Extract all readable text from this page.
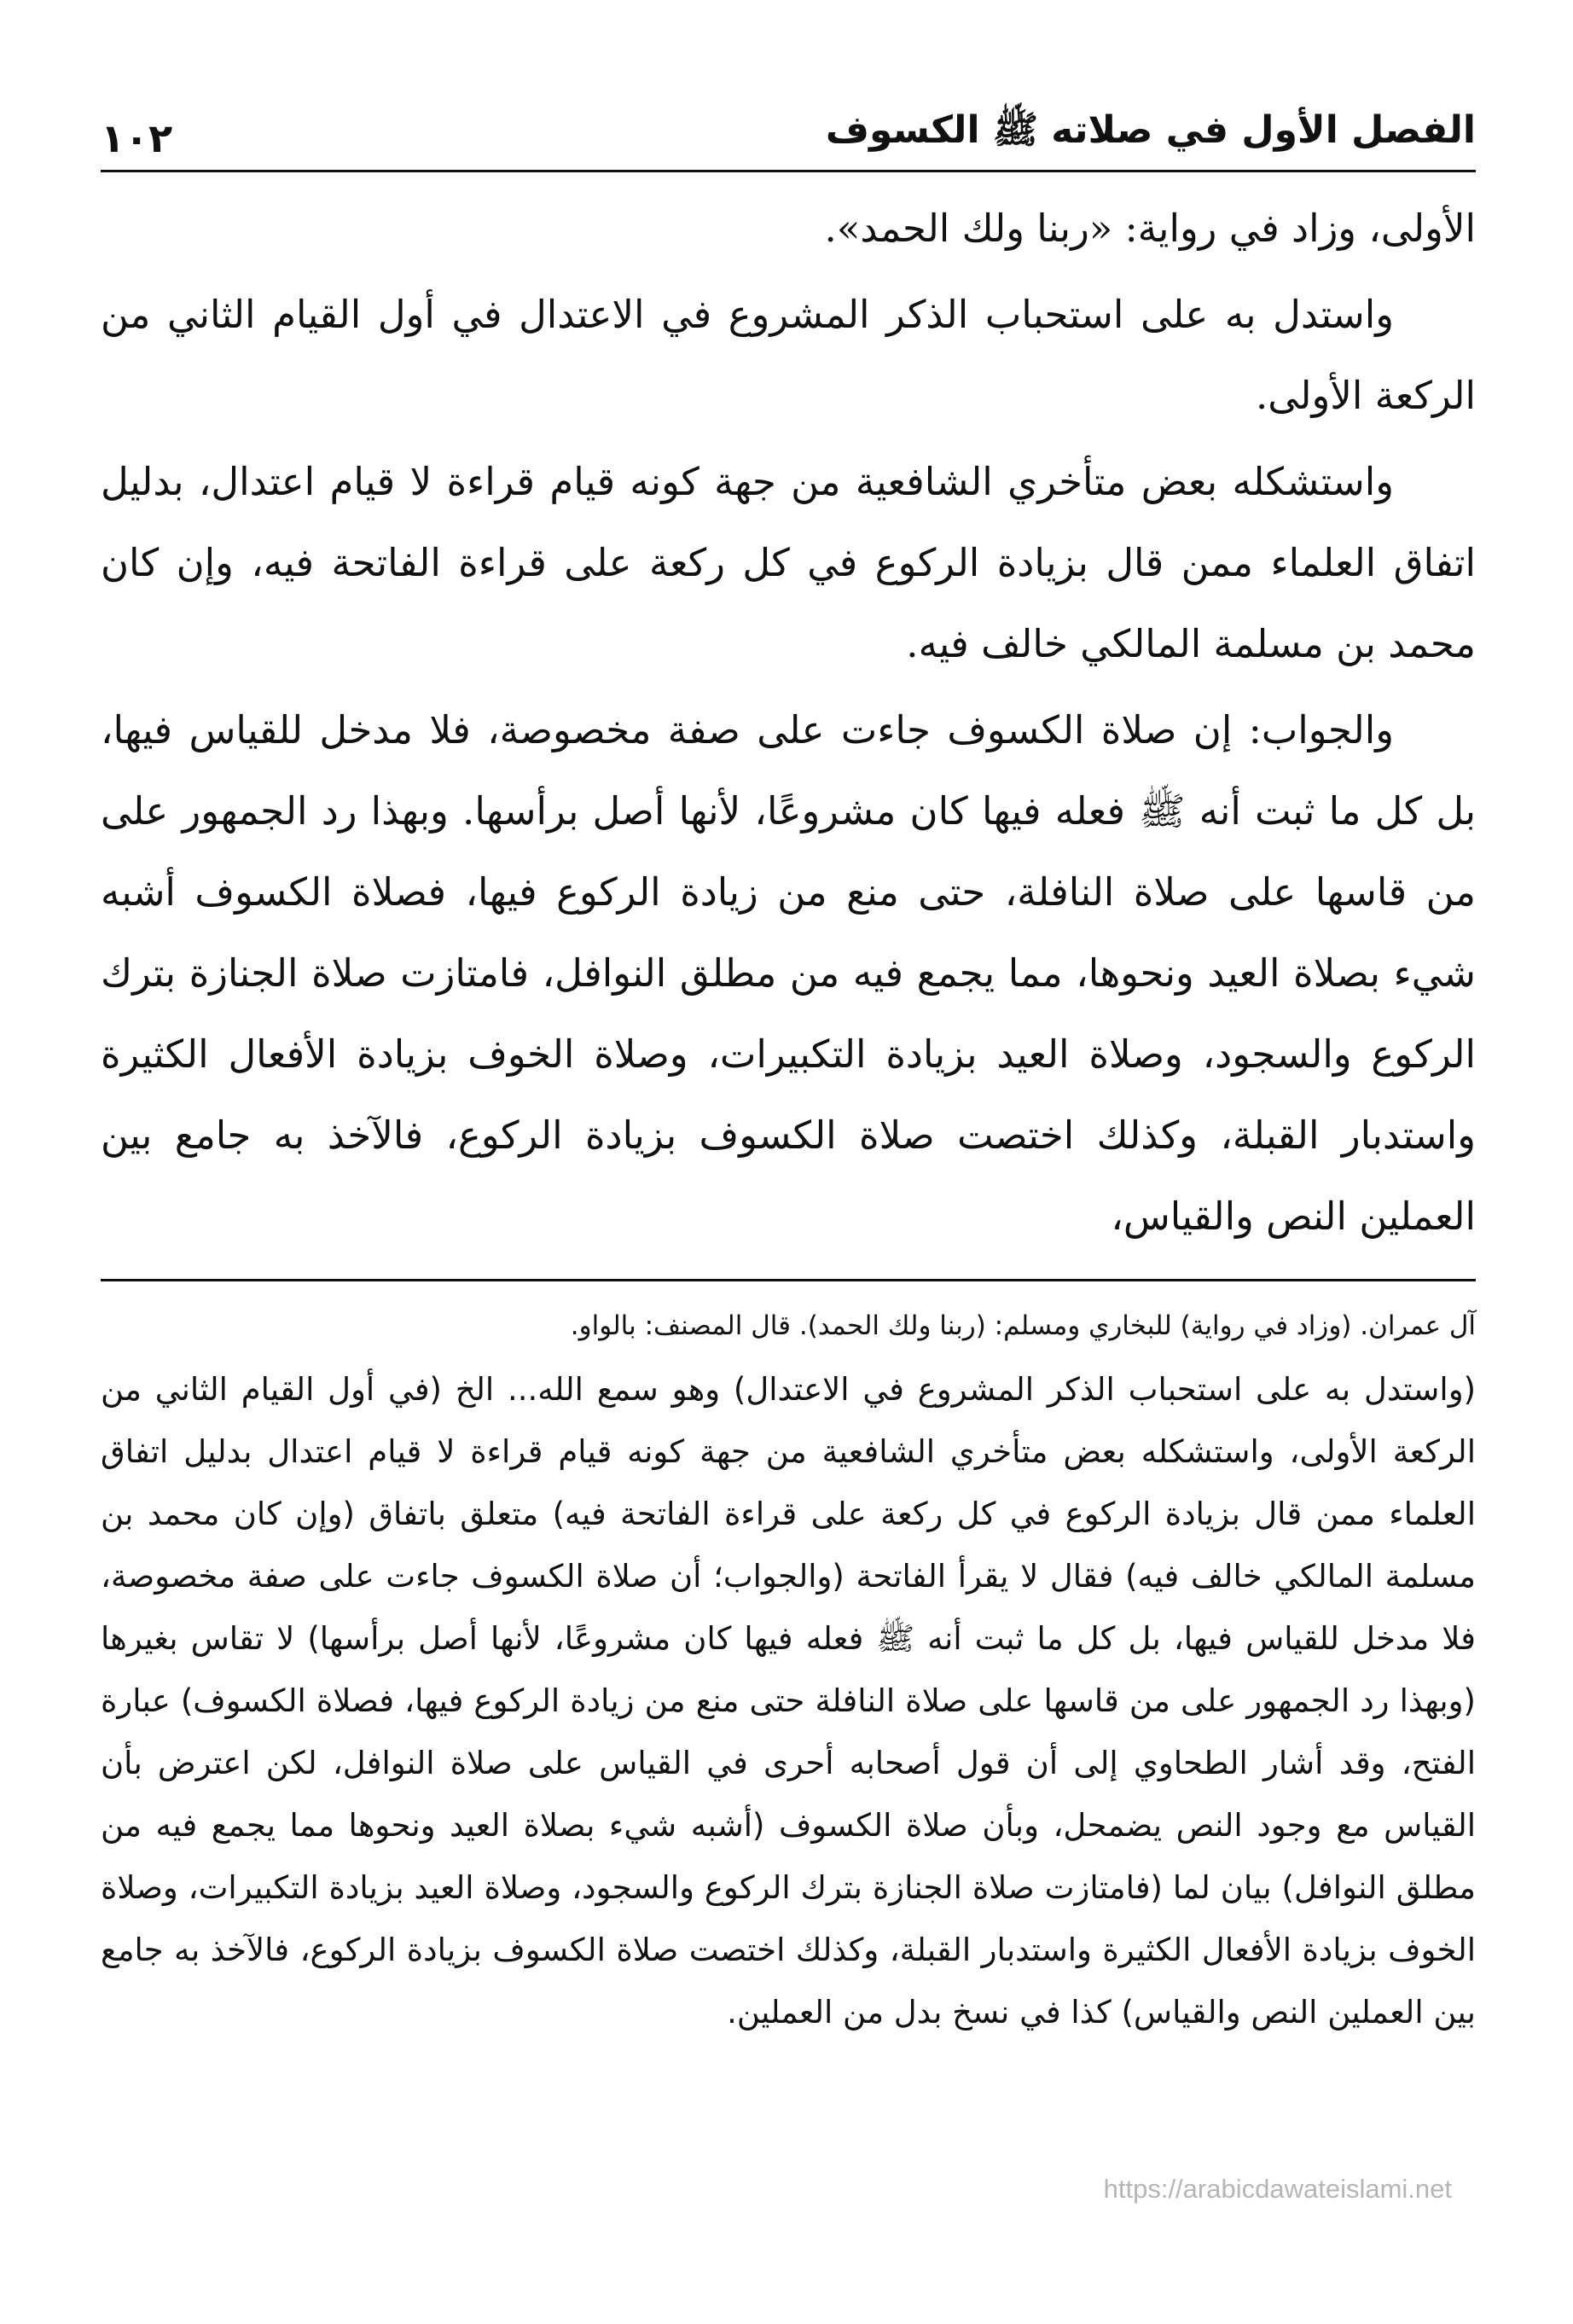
الفصل الأول في صلاته ﷺ الكسوف
١٠٢

الأولى، وزاد في رواية: «ربنا ولك الحمد».

واستدل به على استحباب الذكر المشروع في الاعتدال في أول القيام الثاني من الركعة الأولى.

واستشكله بعض متأخري الشافعية من جهة كونه قيام قراءة لا قيام اعتدال، بدليل اتفاق العلماء ممن قال بزيادة الركوع في كل ركعة على قراءة الفاتحة فيه، وإن كان محمد بن مسلمة المالكي خالف فيه.

والجواب: إن صلاة الكسوف جاءت على صفة مخصوصة، فلا مدخل للقياس فيها، بل كل ما ثبت أنه ﷺ فعله فيها كان مشروعًا، لأنها أصل برأسها. وبهذا رد الجمهور على من قاسها على صلاة النافلة، حتى منع من زيادة الركوع فيها، فصلاة الكسوف أشبه شيء بصلاة العيد ونحوها، مما يجمع فيه من مطلق النوافل، فامتازت صلاة الجنازة بترك الركوع والسجود، وصلاة العيد بزيادة التكبيرات، وصلاة الخوف بزيادة الأفعال الكثيرة واستدبار القبلة، وكذلك اختصت صلاة الكسوف بزيادة الركوع، فالآخذ به جامع بين العملين النص والقياس،

آل عمران. (وزاد في رواية) للبخاري ومسلم: (ربنا ولك الحمد). قال المصنف: بالواو.

(واستدل به على استحباب الذكر المشروع في الاعتدال) وهو سمع الله... الخ (في أول القيام الثاني من الركعة الأولى، واستشكله بعض متأخري الشافعية من جهة كونه قيام قراءة لا قيام اعتدال بدليل اتفاق العلماء ممن قال بزيادة الركوع في كل ركعة على قراءة الفاتحة فيه) متعلق باتفاق (وإن كان محمد بن مسلمة المالكي خالف فيه) فقال لا يقرأ الفاتحة (والجواب؛ أن صلاة الكسوف جاءت على صفة مخصوصة، فلا مدخل للقياس فيها، بل كل ما ثبت أنه ﷺ فعله فيها كان مشروعًا، لأنها أصل برأسها) لا تقاس بغيرها (وبهذا رد الجمهور على من قاسها على صلاة النافلة حتى منع من زيادة الركوع فيها، فصلاة الكسوف) عبارة الفتح، وقد أشار الطحاوي إلى أن قول أصحابه أحرى في القياس على صلاة النوافل، لكن اعترض بأن القياس مع وجود النص يضمحل، وبأن صلاة الكسوف (أشبه شيء بصلاة العيد ونحوها مما يجمع فيه من مطلق النوافل) بيان لما (فامتازت صلاة الجنازة بترك الركوع والسجود، وصلاة العيد بزيادة التكبيرات، وصلاة الخوف بزيادة الأفعال الكثيرة واستدبار القبلة، وكذلك اختصت صلاة الكسوف بزيادة الركوع، فالآخذ به جامع بين العملين النص والقياس) كذا في نسخ بدل من العملين.

https://arabicdawateislami.net
